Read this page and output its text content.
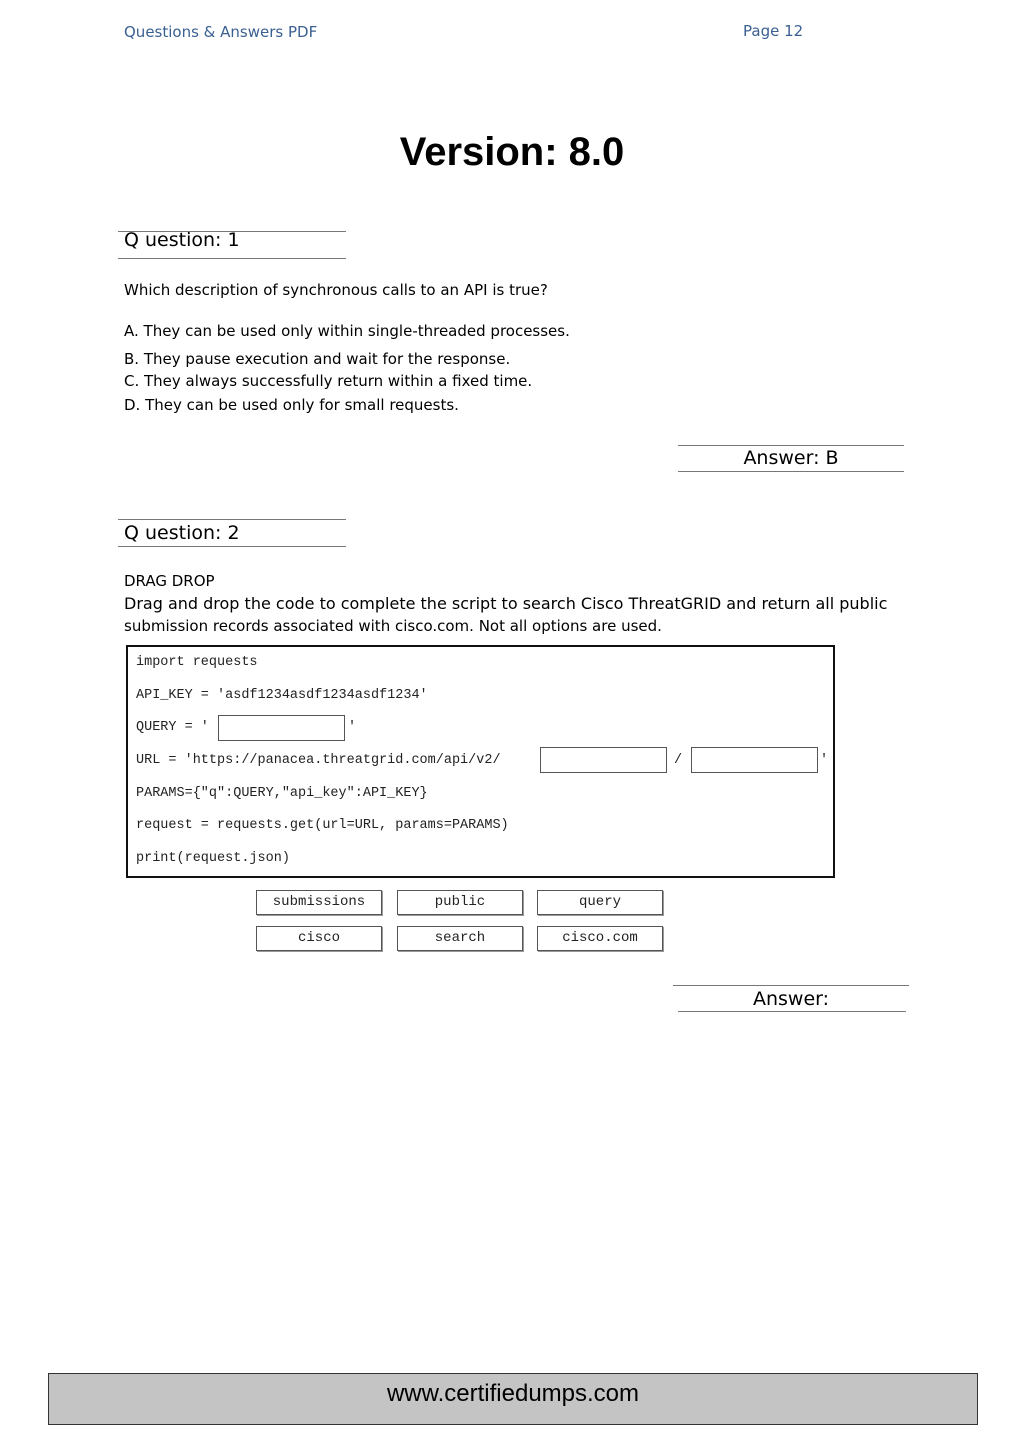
Questions & Answers PDF	Page 12
Version: 8.0
Q uestion: 1
Which description of synchronous calls to an API is true?
A. They can be used only within single-threaded processes.
B. They pause execution and wait for the response.
C. They always successfully return within a fixed time.
D. They can be used only for small requests.
Answer: B
Q uestion: 2
DRAG DROP
Drag and drop the code to complete the script to search Cisco ThreatGRID and return all public
submission records associated with cisco.com. Not all options are used.
import requests
API_KEY = 'asdf1234asdf1234asdf1234'
QUERY = '	'
URL = 'https://panacea.threatgrid.com/api/v2/	/	'
PARAMS={"q":QUERY,"api_key":API_KEY}
request = requests.get(url=URL, params=PARAMS)
print(request.json)
submissions	public	query
cisco	search	cisco.com
Answer:
www.certifiedumps.com
